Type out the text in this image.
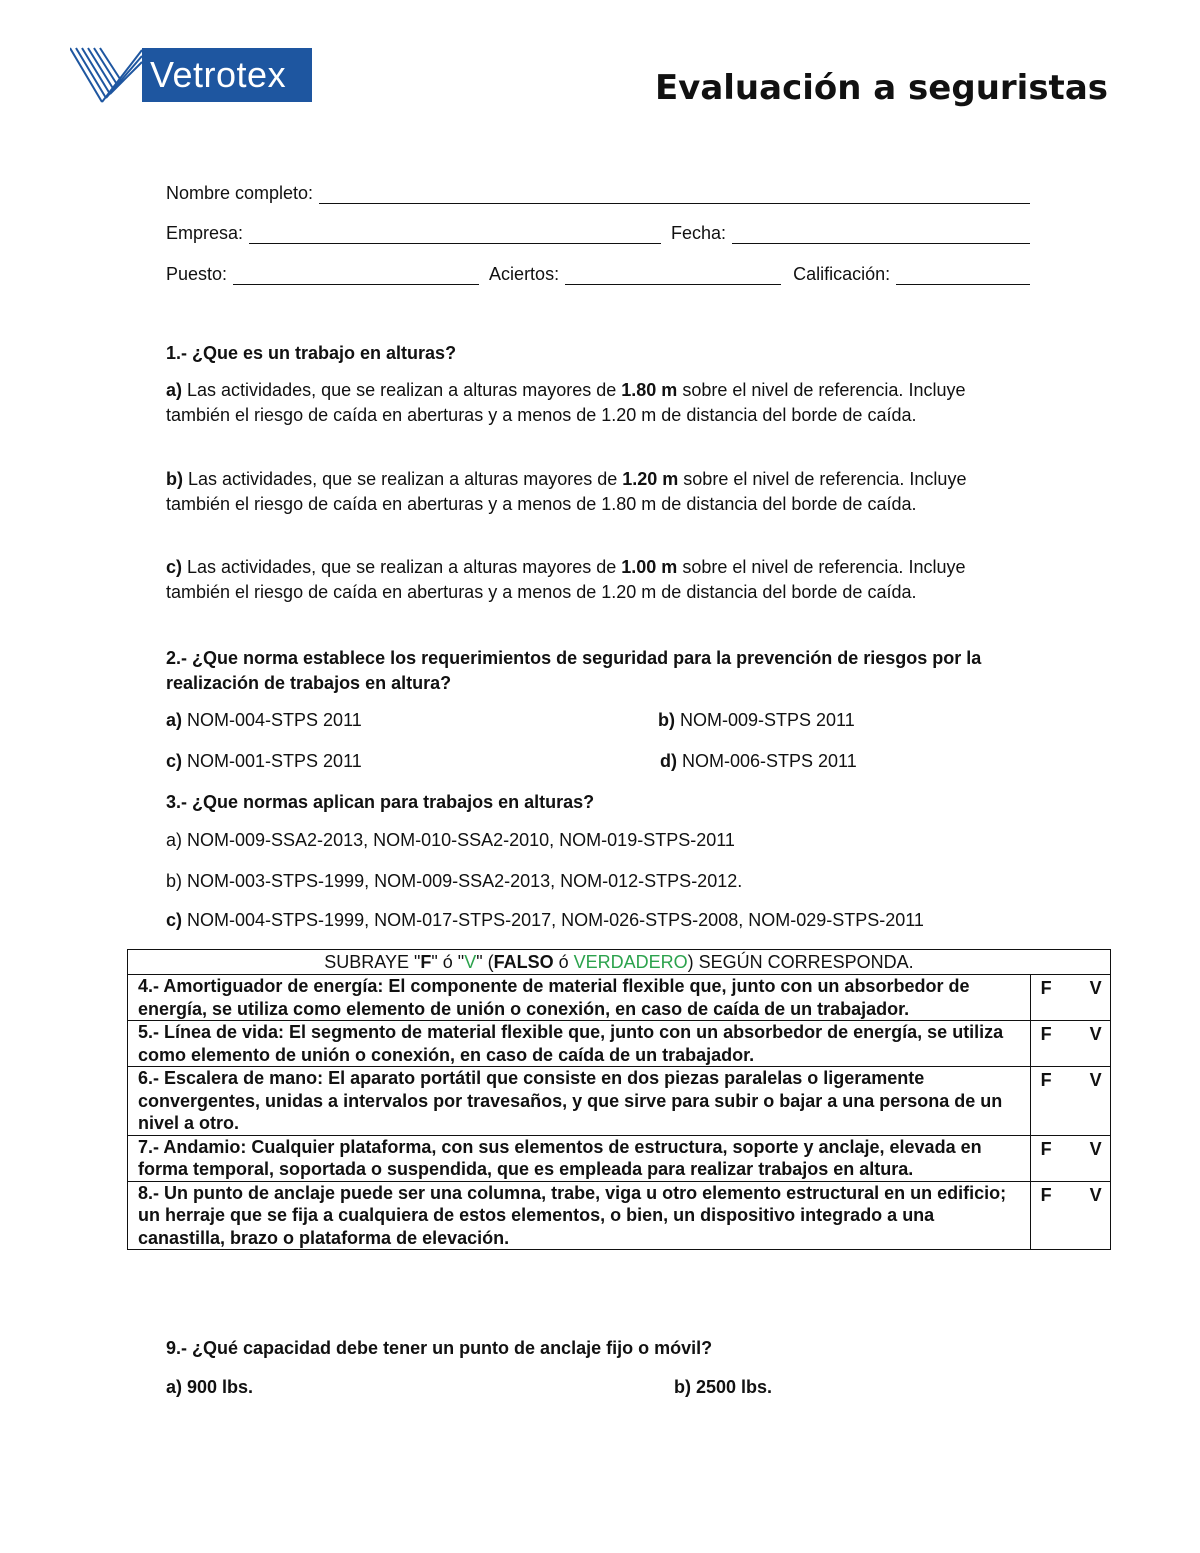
Vetrotex	Evaluación a seguristas
Nombre completo:
Empresa:	Fecha:
Puesto:	Aciertos:	Calificación:
1.- ¿Que es un trabajo en alturas?
a) Las actividades, que se realizan a alturas mayores de 1.80 m sobre el nivel de referencia. Incluye también el riesgo de caída en aberturas y a menos de 1.20 m de distancia del borde de caída.
b) Las actividades, que se realizan a alturas mayores de 1.20 m sobre el nivel de referencia. Incluye también el riesgo de caída en aberturas y a menos de 1.80 m de distancia del borde de caída.
c) Las actividades, que se realizan a alturas mayores de 1.00 m sobre el nivel de referencia. Incluye también el riesgo de caída en aberturas y a menos de 1.20 m de distancia del borde de caída.
2.- ¿Que norma establece los requerimientos de seguridad para la prevención de riesgos por la realización de trabajos en altura?
a) NOM-004-STPS 2011	b) NOM-009-STPS 2011
c) NOM-001-STPS 2011	d) NOM-006-STPS 2011
3.- ¿Que normas aplican para trabajos en alturas?
a) NOM-009-SSA2-2013, NOM-010-SSA2-2010, NOM-019-STPS-2011
b) NOM-003-STPS-1999, NOM-009-SSA2-2013, NOM-012-STPS-2012.
c) NOM-004-STPS-1999, NOM-017-STPS-2017, NOM-026-STPS-2008, NOM-029-STPS-2011
SUBRAYE "F" ó "V" (FALSO ó VERDADERO) SEGÚN CORRESPONDA.	
4.- Amortiguador de energía: El componente de material flexible que, junto con un absorbedor de energía, se utiliza como elemento de unión o conexión, en caso de caída de un trabajador.	F V
5.- Línea de vida: El segmento de material flexible que, junto con un absorbedor de energía, se utiliza como elemento de unión o conexión, en caso de caída de un trabajador.	F V
6.- Escalera de mano: El aparato portátil que consiste en dos piezas paralelas o ligeramente convergentes, unidas a intervalos por travesaños, y que sirve para subir o bajar a una persona de un nivel a otro.	F V
7.- Andamio: Cualquier plataforma, con sus elementos de estructura, soporte y anclaje, elevada en forma temporal, soportada o suspendida, que es empleada para realizar trabajos en altura.	F V
8.- Un punto de anclaje puede ser una columna, trabe, viga u otro elemento estructural en un edificio; un herraje que se fija a cualquiera de estos elementos, o bien, un dispositivo integrado a una canastilla, brazo o plataforma de elevación.	F V
9.- ¿Qué capacidad debe tener un punto de anclaje fijo o móvil?
a) 900 lbs.	b) 2500 lbs.
